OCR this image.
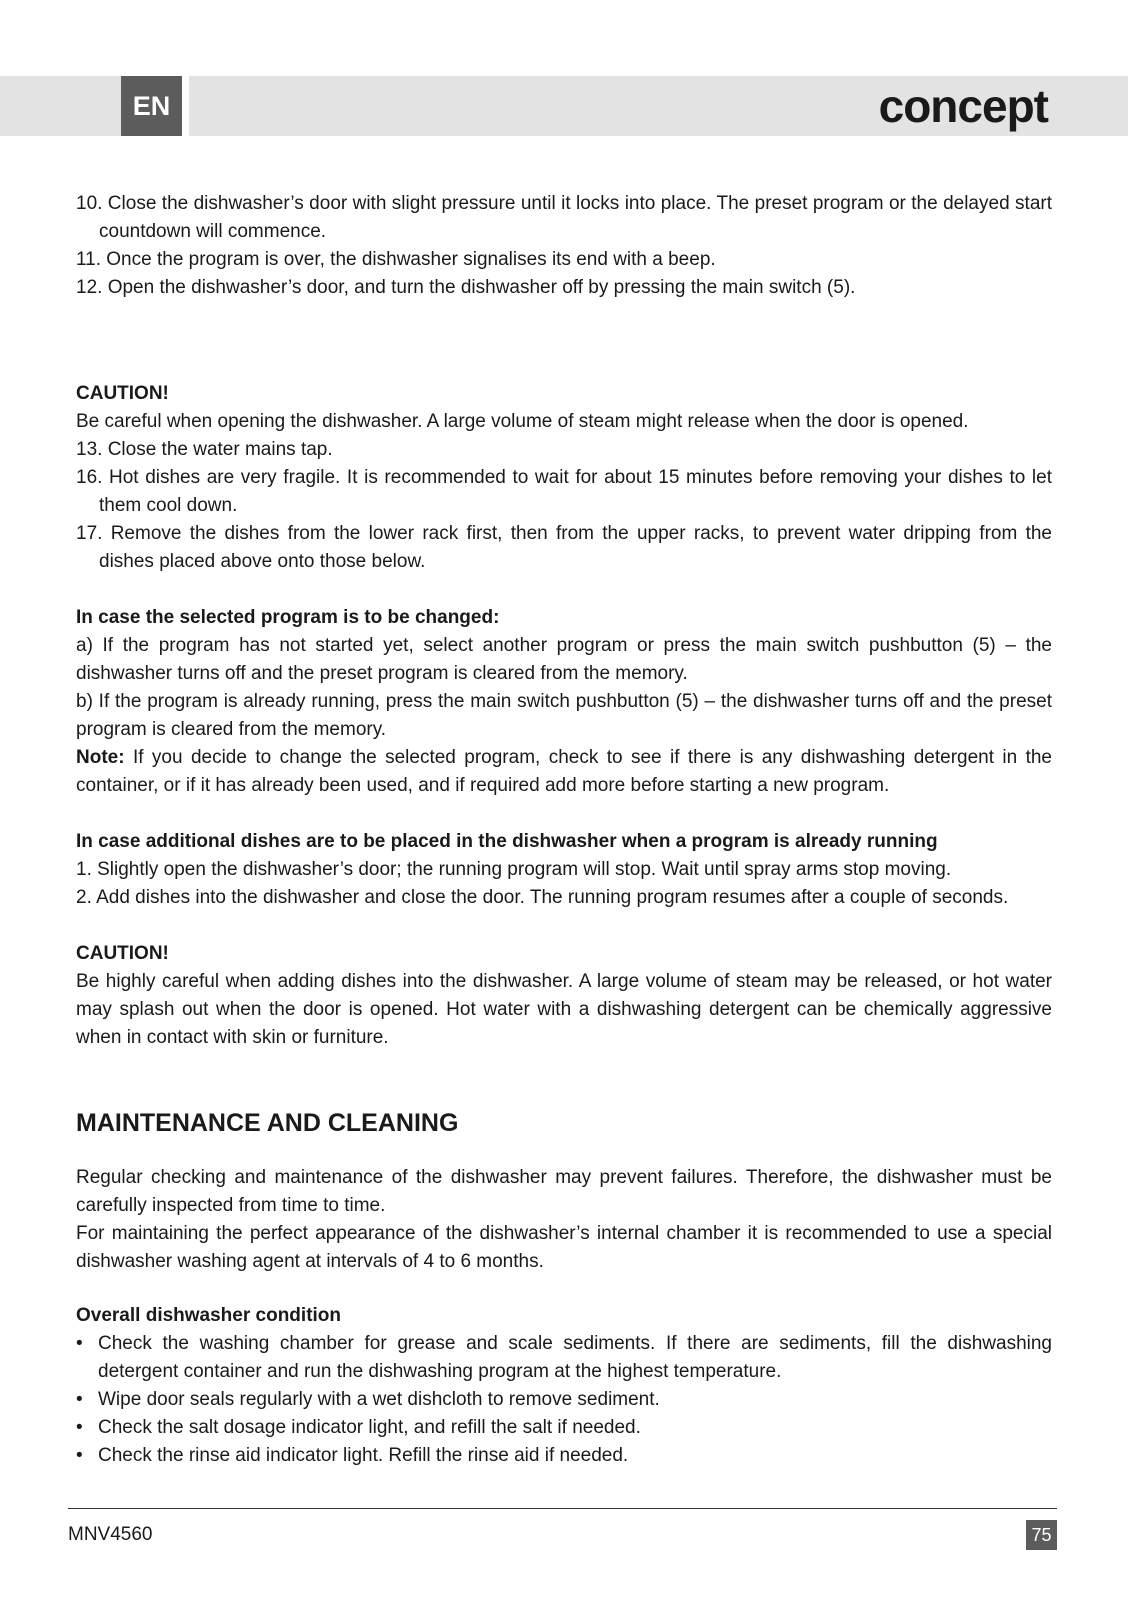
EN	concept

10. Close the dishwasher’s door with slight pressure until it locks into place. The preset program or the delayed start countdown will commence.

11. Once the program is over, the dishwasher signalises its end with a beep.

12. Open the dishwasher’s door, and turn the dishwasher off by pressing the main switch (5).

CAUTION!

Be careful when opening the dishwasher. A large volume of steam might release when the door is opened.

13. Close the water mains tap.

16. Hot dishes are very fragile. It is recommended to wait for about 15 minutes before removing your dishes to let them cool down.

17. Remove the dishes from the lower rack first, then from the upper racks, to prevent water dripping from the dishes placed above onto those below.

In case the selected program is to be changed:

a) If the program has not started yet, select another program or press the main switch pushbutton (5) – the dishwasher turns off and the preset program is cleared from the memory.

b) If the program is already running, press the main switch pushbutton (5) – the dishwasher turns off and the preset program is cleared from the memory.

Note: If you decide to change the selected program, check to see if there is any dishwashing detergent in the container, or if it has already been used, and if required add more before starting a new program.

In case additional dishes are to be placed in the dishwasher when a program is already running

1. Slightly open the dishwasher’s door; the running program will stop. Wait until spray arms stop moving.

2. Add dishes into the dishwasher and close the door. The running program resumes after a couple of seconds.

CAUTION!

Be highly careful when adding dishes into the dishwasher. A large volume of steam may be released, or hot water may splash out when the door is opened. Hot water with a dishwashing detergent can be chemically aggressive when in contact with skin or furniture.

MAINTENANCE AND CLEANING

Regular checking and maintenance of the dishwasher may prevent failures. Therefore, the dishwasher must be carefully inspected from time to time.

For maintaining the perfect appearance of the dishwasher’s internal chamber it is recommended to use a special dishwasher washing agent at intervals of 4 to 6 months.

Overall dishwasher condition

• Check the washing chamber for grease and scale sediments. If there are sediments, fill the dishwashing detergent container and run the dishwashing program at the highest temperature.
• Wipe door seals regularly with a wet dishcloth to remove sediment.
• Check the salt dosage indicator light, and refill the salt if needed.
• Check the rinse aid indicator light. Refill the rinse aid if needed.
MNV4560	75
